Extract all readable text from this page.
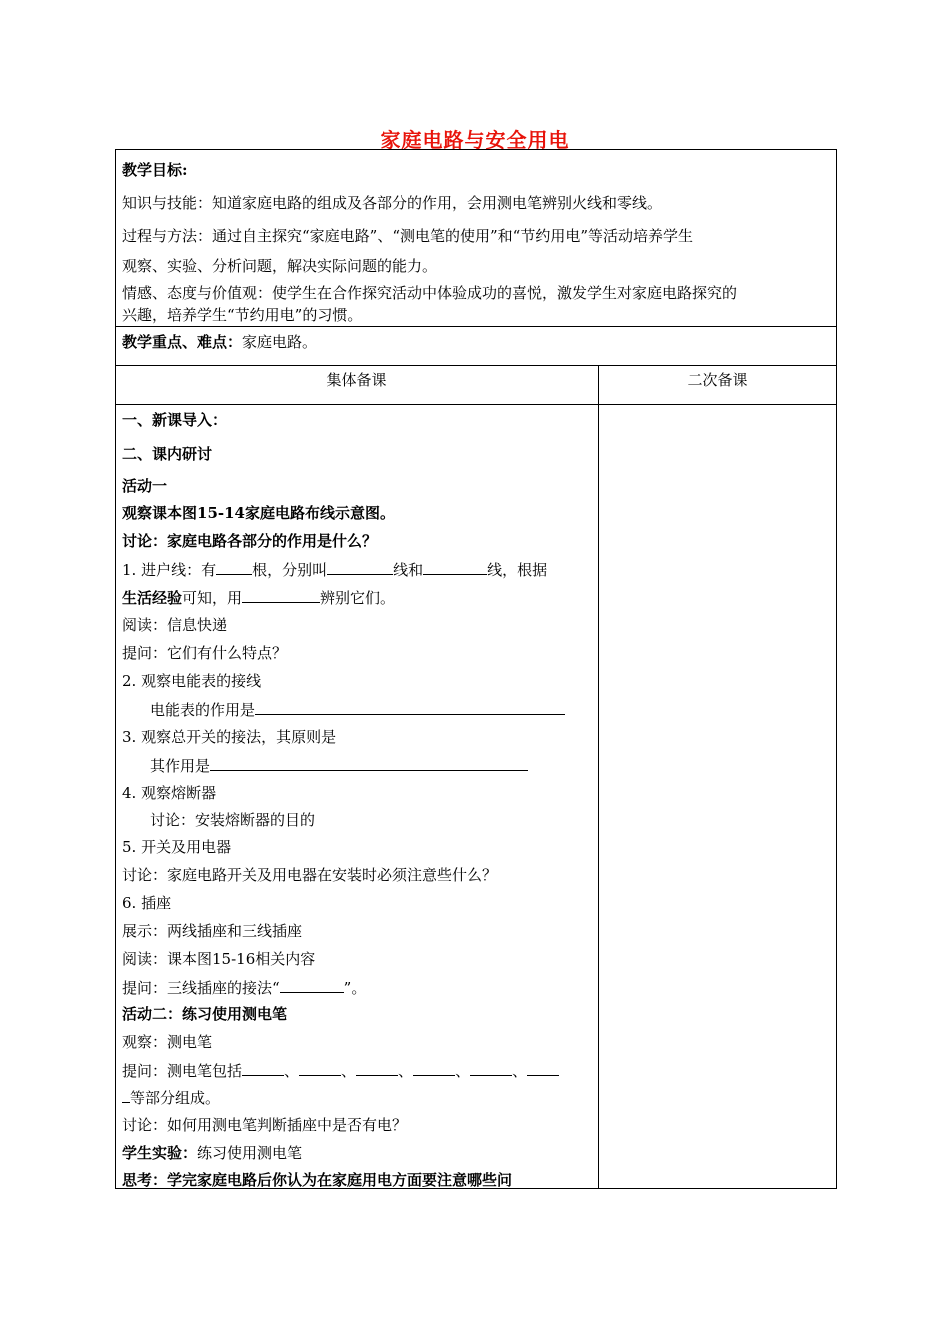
家庭电路与安全用电
教学目标:
知识与技能：知道家庭电路的组成及各部分的作用，会用测电笔辨别火线和零线。
过程与方法：通过自主探究“家庭电路”、“测电笔的使用”和“节约用电”等活动培养学生
观察、实验、分析问题，解决实际问题的能力。
情感、态度与价值观：使学生在合作探究活动中体验成功的喜悦，激发学生对家庭电路探究的
兴趣，培养学生“节约用电”的习惯。
教学重点、难点：家庭电路。
集体备课	二次备课
一、新课导入：
二、课内研讨
活动一
观察课本图15-14家庭电路布线示意图。
讨论：家庭电路各部分的作用是什么？
1. 进户线：有 根，分别叫	线和	线，根据
生活经验可知，用	辨别它们。
阅读：信息快递
提问：它们有什么特点？
2. 观察电能表的接线
电能表的作用是
3. 观察总开关的接法，其原则是
其作用是
4. 观察熔断器
讨论：安装熔断器的目的
5. 开关及用电器
讨论：家庭电路开关及用电器在安装时必须注意些什么？
6. 插座
展示：两线插座和三线插座
阅读：课本图15-16相关内容
提问：三线插座的接法“	”。
活动二：练习使用测电笔
观察：测电笔
提问：测电笔包括	、	、	、	、	、
等部分组成。
讨论：如何用测电笔判断插座中是否有电？
学生实验：练习使用测电笔
思考：学完家庭电路后你认为在家庭用电方面要注意哪些问
